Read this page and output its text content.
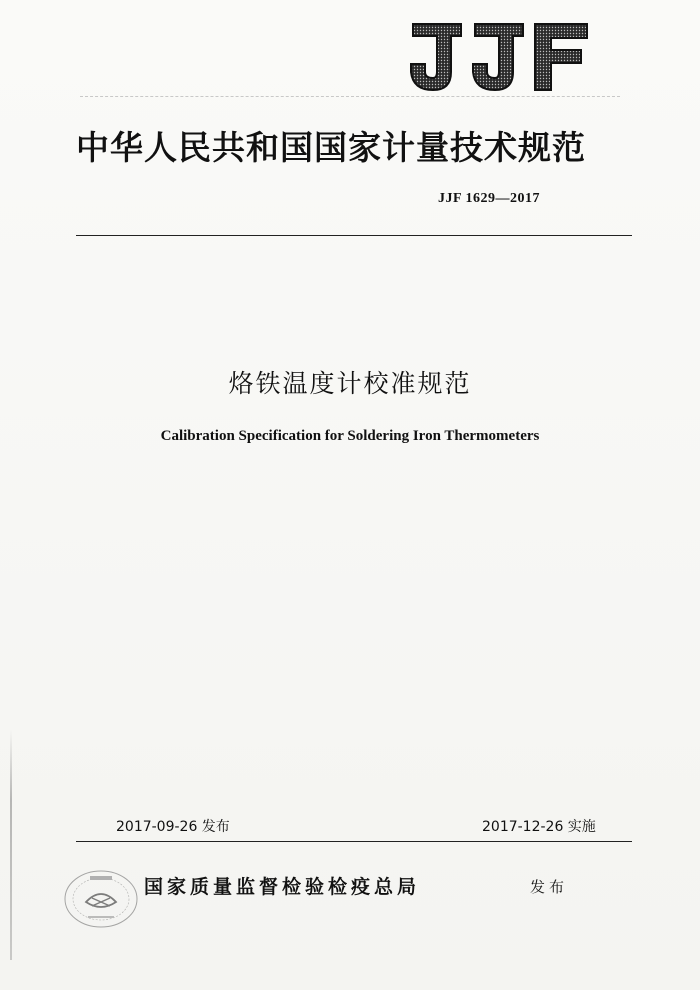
中华人民共和国国家计量技术规范
JJF 1629—2017
烙铁温度计校准规范
Calibration Specification for Soldering Iron Thermometers
2017-09-26 发布	2017-12-26 实施
国家质量监督检验检疫总局	发布
